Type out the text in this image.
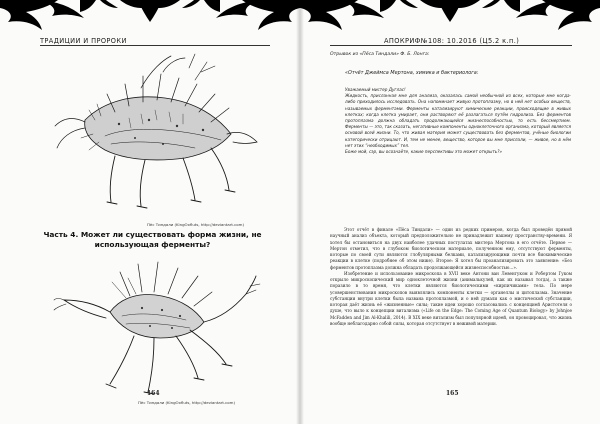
ТРАДИЦИИ И ПРОРОКИ
Пёс Тиндали (KingOxfluts, http://deviantart.com)
Часть 4. Может ли существовать форма жизни, не использующая ферменты?
Пёс Тиндали (KingOxfluts, http://deviantart.com)
164
АПОКРИФ№108: 10.2016 (Ц5.2 к.п.)
165
Отрывок из «Пёса Тиндали» Ф. Б. Лонга:
«Отчёт Джеймса Мертона, химика и бактериолога:

Уважаемый мистер Дуглас!

Жидкость, присланная мне для анализа, оказалась самой необычной из всех, которые мне когда-либо приходилось исследовать. Она напоминает живую протоплазму, но в ней нет особых веществ, называемых ферментами. Ферменты катализируют химические реакции, происходящие в живых клетках; когда клетка умирает, они растворяют её разлагаться путём гидролиза. Без ферментов протоплазма должна обладать продолжающейся жизнеспособностью, то есть бессмертием. Ферменты — это, так сказать, негативные компоненты одноклеточного организма, который является основой всей жизни. То, что живая материя может существовать без ферментов, учёные биологии категорически отрицают. И, тем не менее, вещество, которое вы мне прислали, — живое, но в нём нет этих “необходимых” тел.

Боже мой, сэр, вы осознаёте, какие перспективы это может открыть?»

Этот отчёт в финале «Пёса Тиндали» — один из редких примеров, когда был проведён прямой научный анализ объекта, который предположительно не принадлежит нашему пространству-времени. Я хотел бы остановиться на двух наиболее удачных постулатах мистера Мертона в его отчёте. Первое — Мертон отметил, что в глубоком биологическом материале, полученном ему, отсутствуют ферменты, которые по своей сути являются глобулярными белками, катализирующими почти все биохимические реакции в клетке (подробнее об этом ниже). Второе: Я хотел бы проанализировать это заявление: «Без ферментов протоплазма должна обладать продолжающейся жизнеспособностью...».

Изобретение и использование микроскопа в XVII веке Антони ван Левенгуком и Робертом Гуком открыло микроскопический мир одноклеточной жизни (анималькулей, как их называл тогда), а также поразило в то время, что клетки являются биологическими «кирпичиками» тела. По мере усовершенствования микроскопов выявлялись компоненты клетки — органеллы и цитоплазма. Значение субстанции внутри клетки была названа протоплазмой, и о ней думали как о мистической субстанции, которая даёт жизнь её «жизненные» силы; такие идеи хорошо согласовались с концепцией Аристотеля о душе, что выло к концепции витализма («Life on the Edge: The Coming Age of Quantum Biology» by Johnjoe McFadden and Jim Al-Khalili, 2014). В XIX веке витализм был популярной идеей, он провоцировал, что жизнь вообще неблагодарно собой силы, которая отсутствует в неживой материи.
